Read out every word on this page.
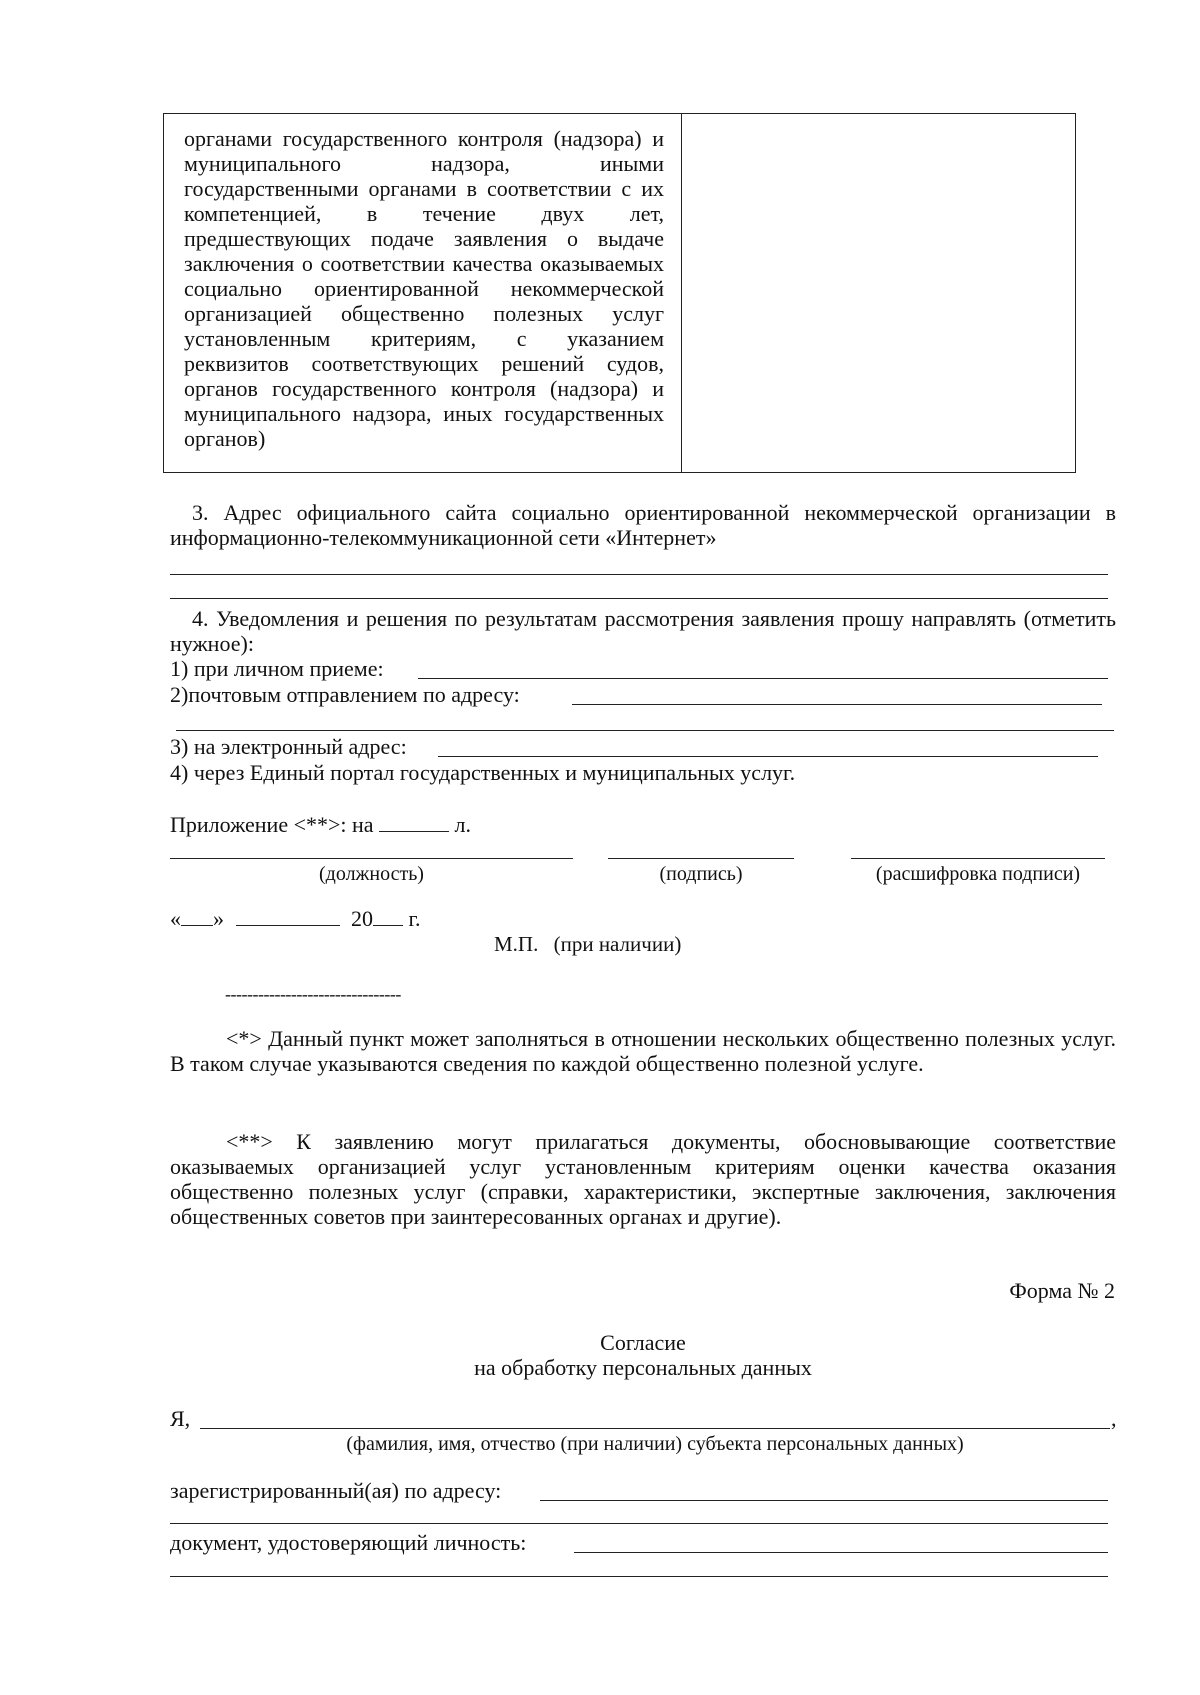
органами государственного контроля (надзора) и муниципального надзора, иными государственными органами в соответствии с их компетенцией, в течение двух лет, предшествующих подаче заявления о выдаче заключения о соответствии качества оказываемых социально ориентированной некоммерческой организацией общественно полезных услуг установленным критериям, с указанием реквизитов соответствующих решений судов, органов государственного контроля (надзора) и муниципального надзора, иных государственных органов)
3. Адрес официального сайта социально ориентированной некоммерческой организации в информационно-телекоммуникационной сети «Интернет»
4. Уведомления и решения по результатам рассмотрения заявления прошу направлять (отметить нужное):
1) при личном приеме:
2)почтовым отправлением по адресу:
3) на электронный адрес:
4) через Единый портал государственных и муниципальных услуг.
Приложение <**>: на	л.
(должность)	(подпись)	(расшифровка подписи)
« »	20 г.
М.П. (при наличии)
--------------------------------
<*> Данный пункт может заполняться в отношении нескольких общественно полезных услуг. В таком случае указываются сведения по каждой общественно полезной услуге.
<**> К заявлению могут прилагаться документы, обосновывающие соответствие оказываемых организацией услуг установленным критериям оценки качества оказания общественно полезных услуг (справки, характеристики, экспертные заключения, заключения общественных советов при заинтересованных органах и другие).
Форма № 2
Согласие
на обработку персональных данных
Я,	,
(фамилия, имя, отчество (при наличии) субъекта персональных данных)
зарегистрированный(ая) по адресу:
документ, удостоверяющий личность:
